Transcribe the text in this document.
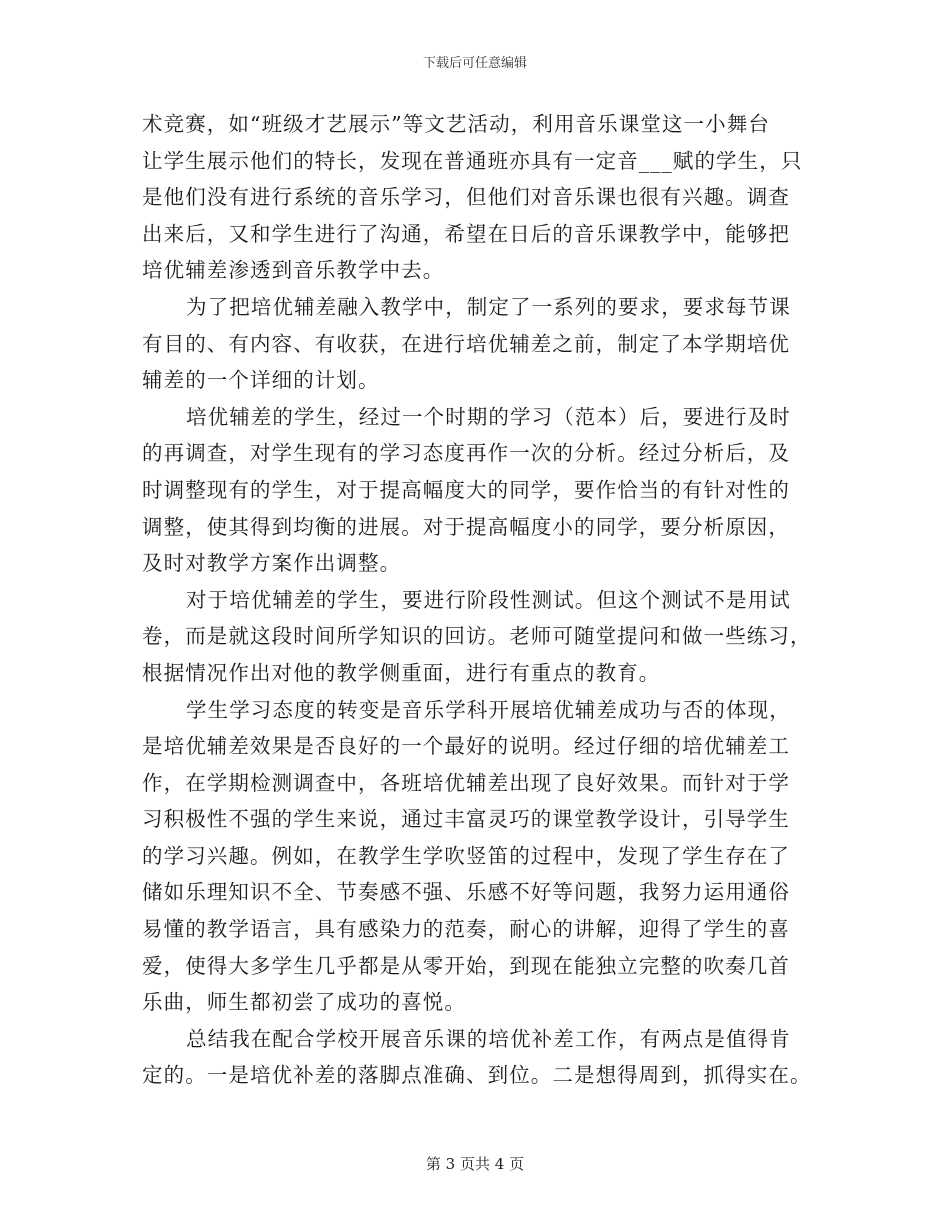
下载后可任意编辑

术竞赛，如“班级才艺展示”等文艺活动，利用音乐课堂这一小舞台
让学生展示他们的特长，发现在普通班亦具有一定音___赋的学生，只
是他们没有进行系统的音乐学习，但他们对音乐课也很有兴趣。调查
出来后，又和学生进行了沟通，希望在日后的音乐课教学中，能够把
培优辅差渗透到音乐教学中去。

为了把培优辅差融入教学中，制定了一系列的要求，要求每节课
有目的、有内容、有收获，在进行培优辅差之前，制定了本学期培优
辅差的一个详细的计划。

培优辅差的学生，经过一个时期的学习（范本）后，要进行及时
的再调查，对学生现有的学习态度再作一次的分析。经过分析后，及
时调整现有的学生，对于提高幅度大的同学，要作恰当的有针对性的
调整，使其得到均衡的进展。对于提高幅度小的同学，要分析原因，
及时对教学方案作出调整。

对于培优辅差的学生，要进行阶段性测试。但这个测试不是用试
卷，而是就这段时间所学知识的回访。老师可随堂提问和做一些练习，
根据情况作出对他的教学侧重面，进行有重点的教育。

学生学习态度的转变是音乐学科开展培优辅差成功与否的体现，
是培优辅差效果是否良好的一个最好的说明。经过仔细的培优辅差工
作，在学期检测调查中，各班培优辅差出现了良好效果。而针对于学
习积极性不强的学生来说，通过丰富灵巧的课堂教学设计，引导学生
的学习兴趣。例如，在教学生学吹竖笛的过程中，发现了学生存在了
储如乐理知识不全、节奏感不强、乐感不好等问题，我努力运用通俗
易懂的教学语言，具有感染力的范奏，耐心的讲解，迎得了学生的喜
爱，使得大多学生几乎都是从零开始，到现在能独立完整的吹奏几首
乐曲，师生都初尝了成功的喜悦。

总结我在配合学校开展音乐课的培优补差工作，有两点是值得肯
定的。一是培优补差的落脚点准确、到位。二是想得周到，抓得实在。

第 3 页共 4 页
